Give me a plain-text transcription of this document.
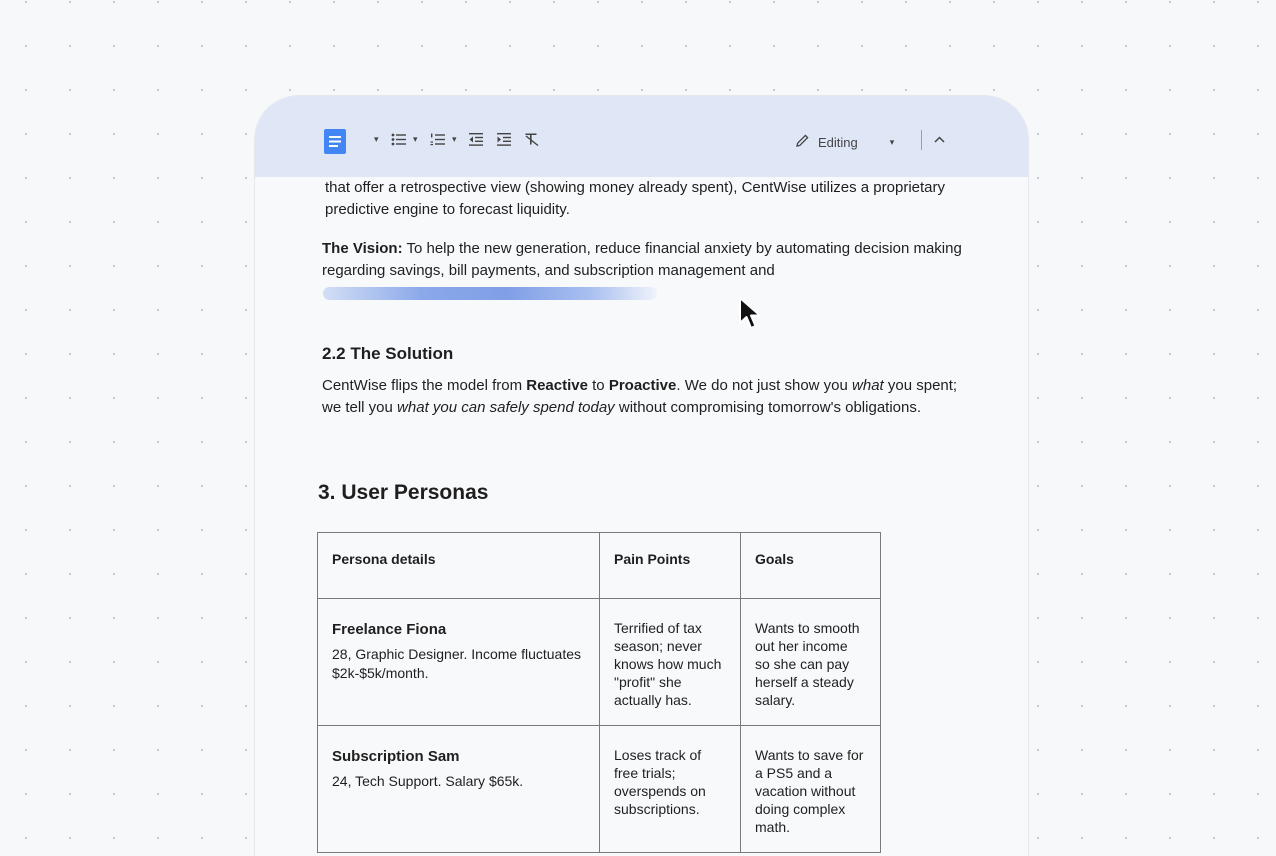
▾	▾	▾	Editing	▾
that offer a retrospective view (showing money already spent), CentWise utilizes a proprietary predictive engine to forecast liquidity.
The Vision: To help the new generation, reduce financial anxiety by automating decision making regarding savings, bill payments, and subscription management and
2.2 The Solution
CentWise flips the model from Reactive to Proactive. We do not just show you what you spent; we tell you what you can safely spend today without compromising tomorrow's obligations.
3. User Personas
Persona details	Pain Points	Goals

Freelance Fiona
28, Graphic Designer. Income fluctuates $2k-$5k/month.	Terrified of tax season; never knows how much "profit" she actually has.	Wants to smooth out her income so she can pay herself a steady salary.

Subscription Sam
24, Tech Support. Salary $65k.	Loses track of free trials; overspends on subscriptions.	Wants to save for a PS5 and a vacation without doing complex math.
